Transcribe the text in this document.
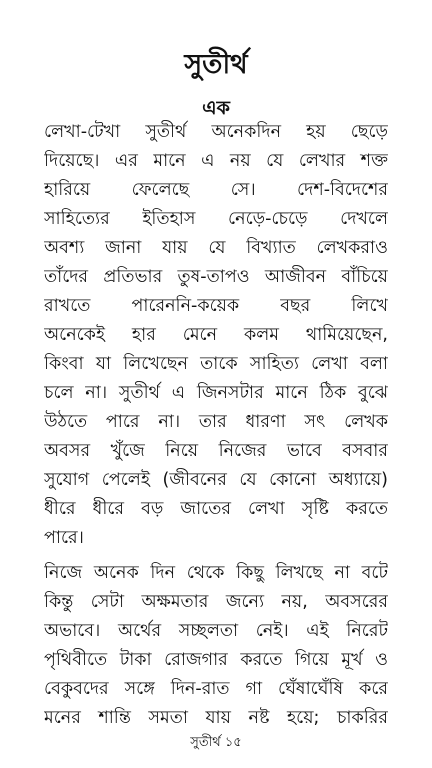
সুতীর্থ
এক
লেখা-টেখা সুতীর্থ অনেকদিন হয় ছেড়ে
দিয়েছে। এর মানে এ নয় যে লেখার শক্ত
হারিয়ে ফেলেছে সে। দেশ-বিদেশের
সাহিত্যের ইতিহাস নেড়ে-চেড়ে দেখলে
অবশ্য জানা যায় যে বিখ্যাত লেখকরাও
তাঁদের প্রতিভার তুষ-তাপও আজীবন বাঁচিয়ে
রাখতে পারেননি-কয়েক বছর লিখে
অনেকেই হার মেনে কলম থামিয়েছেন,
কিংবা যা লিখেছেন তাকে সাহিত্য লেখা বলা
চলে না। সুতীর্থ এ জিনসটার মানে ঠিক বুঝে
উঠতে পারে না। তার ধারণা সৎ লেখক
অবসর খুঁজে নিয়ে নিজের ভাবে বসবার
সুযোগ পেলেই (জীবনের যে কোনো অধ্যায়ে)
ধীরে ধীরে বড় জাতের লেখা সৃষ্টি করতে
পারে।
নিজে অনেক দিন থেকে কিছু লিখছে না বটে
কিন্তু সেটা অক্ষমতার জন্যে নয়, অবসরের
অভাবে। অর্থের সচ্ছলতা নেই। এই নিরেট
পৃথিবীতে টাকা রোজগার করতে গিয়ে মূর্খ ও
বেকুবদের সঙ্গে দিন-রাত গা ঘেঁষাঘেঁষি করে
মনের শান্তি সমতা যায় নষ্ট হয়ে; চাকরির
সুতীর্থ ১৫
